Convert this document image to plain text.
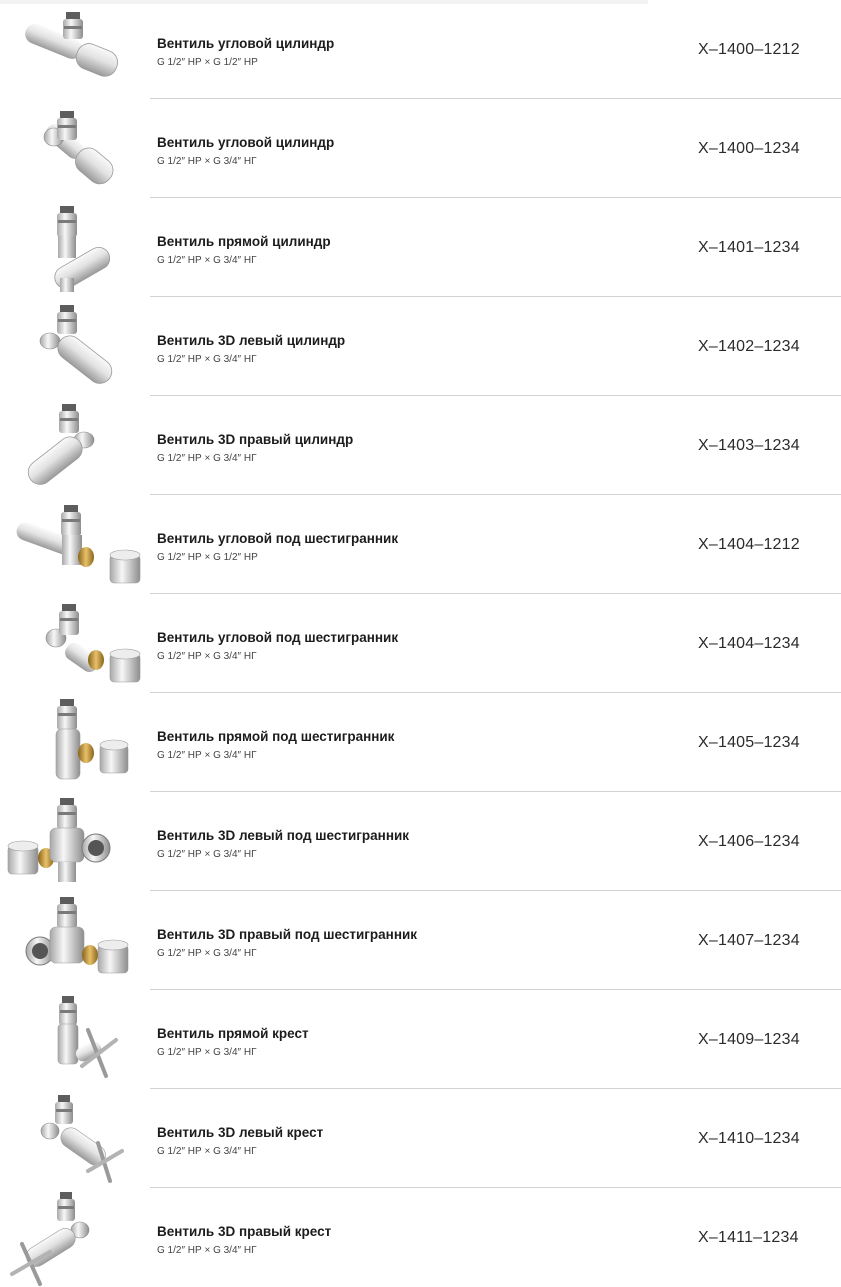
Вентиль угловой цилиндр
G 1/2″ НР × G 1/2″ НР
X–1400–1212
Вентиль угловой цилиндр
G 1/2″ НР × G 3/4″ НГ
X–1400–1234
Вентиль прямой цилиндр
G 1/2″ НР × G 3/4″ НГ
X–1401–1234
Вентиль 3D левый цилиндр
G 1/2″ НР × G 3/4″ НГ
X–1402–1234
Вентиль 3D правый цилиндр
G 1/2″ НР × G 3/4″ НГ
X–1403–1234
Вентиль угловой под шестигранник
G 1/2″ НР × G 1/2″ НР
X–1404–1212
Вентиль угловой под шестигранник
G 1/2″ НР × G 3/4″ НГ
X–1404–1234
Вентиль прямой под шестигранник
G 1/2″ НР × G 3/4″ НГ
X–1405–1234
Вентиль 3D левый под шестигранник
G 1/2″ НР × G 3/4″ НГ
X–1406–1234
Вентиль 3D правый под шестигранник
G 1/2″ НР × G 3/4″ НГ
X–1407–1234
Вентиль прямой крест
G 1/2″ НР × G 3/4″ НГ
X–1409–1234
Вентиль 3D левый крест
G 1/2″ НР × G 3/4″ НГ
X–1410–1234
Вентиль 3D правый крест
G 1/2″ НР × G 3/4″ НГ
X–1411–1234
